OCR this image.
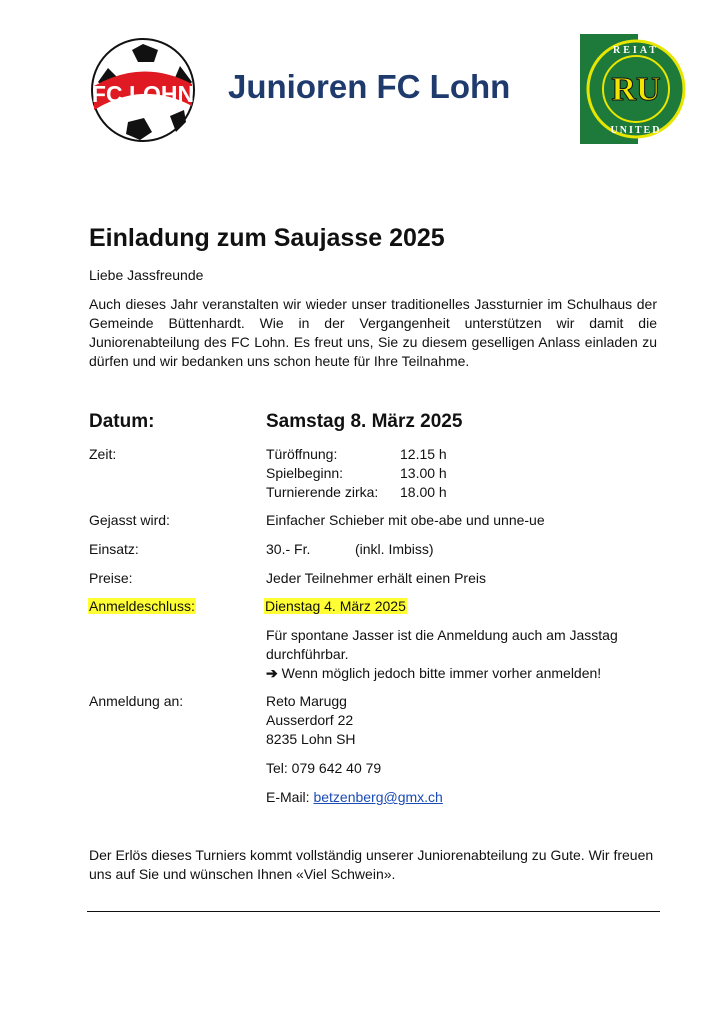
FC LOHN Junioren FC Lohn	RU
REIAT
UNITED
Einladung zum Saujasse 2025
Liebe Jassfreunde
Auch dieses Jahr veranstalten wir wieder unser traditionelles Jassturnier im Schulhaus der Gemeinde Büttenhardt. Wie in der Vergangenheit unterstützen wir damit die Juniorenabteilung des FC Lohn. Es freut uns, Sie zu diesem geselligen Anlass einladen zu dürfen und wir bedanken uns schon heute für Ihre Teilnahme.
Datum:	Samstag 8. März 2025
Zeit:	Türöffnung:	12.15 h
Spielbeginn:	13.00 h
Turnierende zirka: 18.00 h
Gejasst wird:	Einfacher Schieber mit obe-abe und unne-ue
Einsatz:	30.- Fr.	(inkl. Imbiss)
Preise:	Jeder Teilnehmer erhält einen Preis
Anmeldeschluss:	Dienstag 4. März 2025
Für spontane Jasser ist die Anmeldung auch am Jasstag
durchführbar.
➔ Wenn möglich jedoch bitte immer vorher anmelden!
Anmeldung an:	Reto Marugg
Ausserdorf 22
8235 Lohn SH
Tel: 079 642 40 79
E-Mail: betzenberg@gmx.ch
Der Erlös dieses Turniers kommt vollständig unserer Juniorenabteilung zu Gute. Wir freuen uns auf Sie und wünschen Ihnen «Viel Schwein».
